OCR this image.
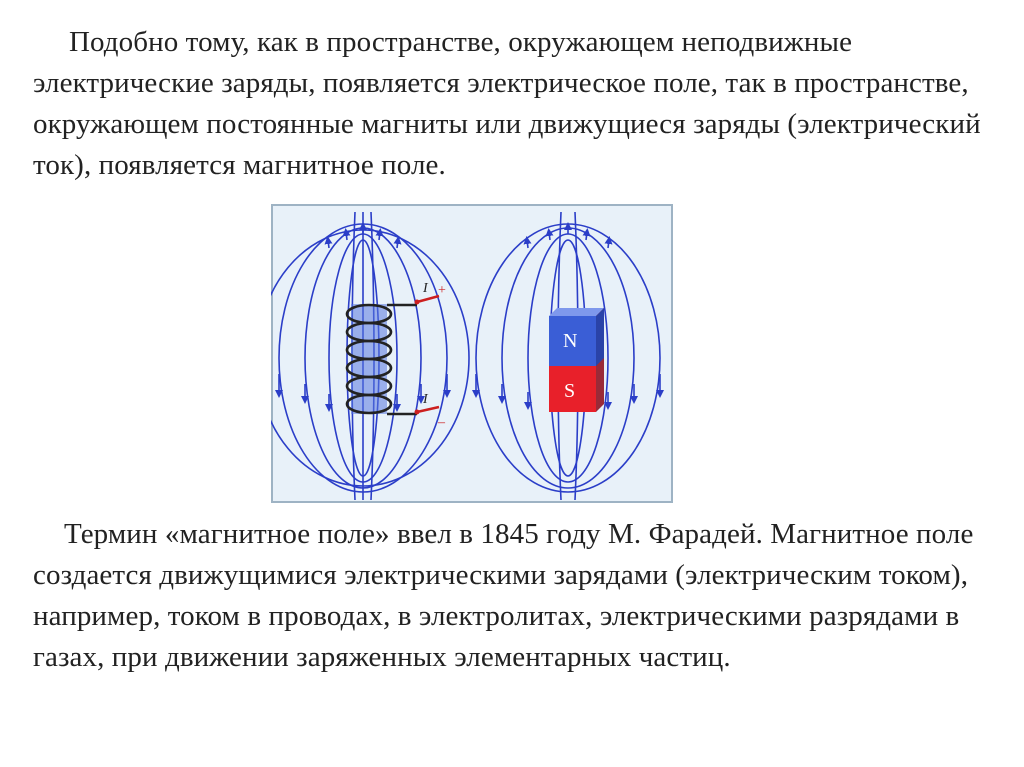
Подобно тому, как в пространстве, окружающем неподвижные электрические заряды, появляется электрическое поле, так в пространстве, окружающем постоянные магниты или движущиеся заряды (электрический ток), появляется магнитное поле.

I +
I
–
N
S

Термин «магнитное поле» ввел в 1845 году М. Фарадей. Магнитное поле создается движущимися электрическими зарядами (электрическим током), например, током в проводах, в электролитах, электрическими разрядами в газах, при движении заряженных элементарных частиц.
